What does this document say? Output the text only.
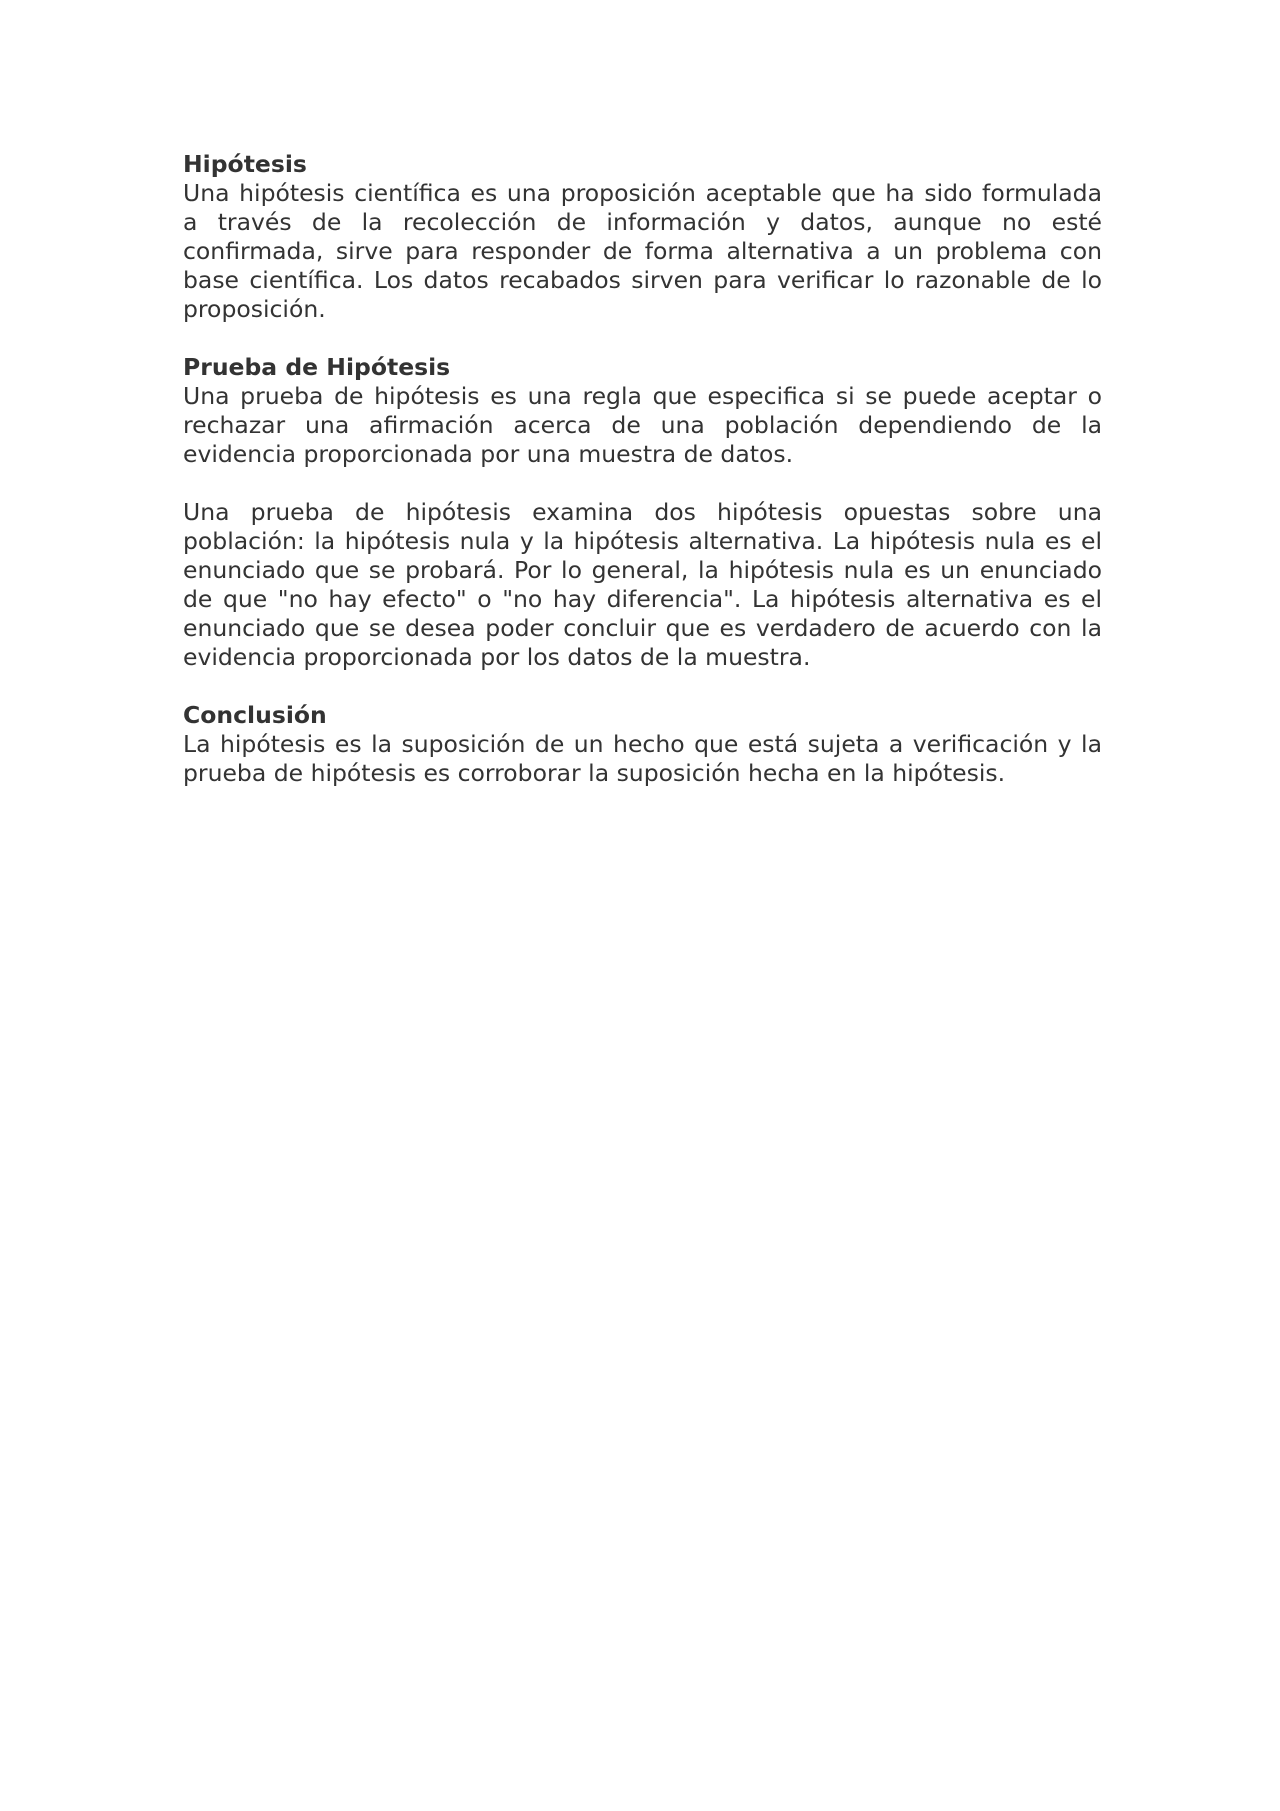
Hipótesis

Una hipótesis científica es una proposición aceptable que ha sido formulada a través de la recolección de información y datos, aunque no esté confirmada, sirve para responder de forma alternativa a un problema con base científica. Los datos recabados sirven para verificar lo razonable de lo proposición.

Prueba de Hipótesis

Una prueba de hipótesis es una regla que especifica si se puede aceptar o rechazar una afirmación acerca de una población dependiendo de la evidencia proporcionada por una muestra de datos.

Una prueba de hipótesis examina dos hipótesis opuestas sobre una población: la hipótesis nula y la hipótesis alternativa. La hipótesis nula es el enunciado que se probará. Por lo general, la hipótesis nula es un enunciado de que "no hay efecto" o "no hay diferencia". La hipótesis alternativa es el enunciado que se desea poder concluir que es verdadero de acuerdo con la evidencia proporcionada por los datos de la muestra.

Conclusión

La hipótesis es la suposición de un hecho que está sujeta a verificación y la prueba de hipótesis es corroborar la suposición hecha en la hipótesis.
